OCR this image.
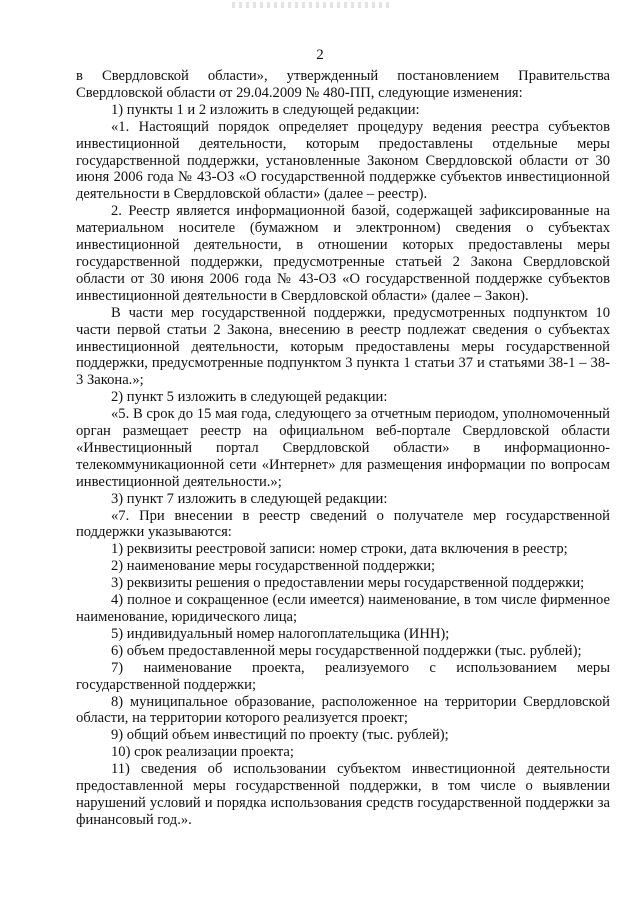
2

в Свердловской области», утвержденный постановлением Правительства Свердловской области от 29.04.2009 № 480-ПП, следующие изменения:

1) пункты 1 и 2 изложить в следующей редакции:

«1. Настоящий порядок определяет процедуру ведения реестра субъектов инвестиционной деятельности, которым предоставлены отдельные меры государственной поддержки, установленные Законом Свердловской области от 30 июня 2006 года № 43-ОЗ «О государственной поддержке субъектов инвестиционной деятельности в Свердловской области» (далее – реестр).

2. Реестр является информационной базой, содержащей зафиксированные на материальном носителе (бумажном и электронном) сведения о субъектах инвестиционной деятельности, в отношении которых предоставлены меры государственной поддержки, предусмотренные статьей 2 Закона Свердловской области от 30 июня 2006 года № 43-ОЗ «О государственной поддержке субъектов инвестиционной деятельности в Свердловской области» (далее – Закон).

В части мер государственной поддержки, предусмотренных подпунктом 10 части первой статьи 2 Закона, внесению в реестр подлежат сведения о субъектах инвестиционной деятельности, которым предоставлены меры государственной поддержки, предусмотренные подпунктом 3 пункта 1 статьи 37 и статьями 38-1 – 38-3 Закона.»;

2) пункт 5 изложить в следующей редакции:

«5. В срок до 15 мая года, следующего за отчетным периодом, уполномоченный орган размещает реестр на официальном веб-портале Свердловской области «Инвестиционный портал Свердловской области» в информационно-телекоммуникационной сети «Интернет» для размещения информации по вопросам инвестиционной деятельности.»;

3) пункт 7 изложить в следующей редакции:

«7. При внесении в реестр сведений о получателе мер государственной поддержки указываются:

1) реквизиты реестровой записи: номер строки, дата включения в реестр;

2) наименование меры государственной поддержки;

3) реквизиты решения о предоставлении меры государственной поддержки;

4) полное и сокращенное (если имеется) наименование, в том числе фирменное наименование, юридического лица;

5) индивидуальный номер налогоплательщика (ИНН);

6) объем предоставленной меры государственной поддержки (тыс. рублей);

7) наименование проекта, реализуемого с использованием меры государственной поддержки;

8) муниципальное образование, расположенное на территории Свердловской области, на территории которого реализуется проект;

9) общий объем инвестиций по проекту (тыс. рублей);

10) срок реализации проекта;

11) сведения об использовании субъектом инвестиционной деятельности предоставленной меры государственной поддержки, в том числе о выявлении нарушений условий и порядка использования средств государственной поддержки за финансовый год.».
